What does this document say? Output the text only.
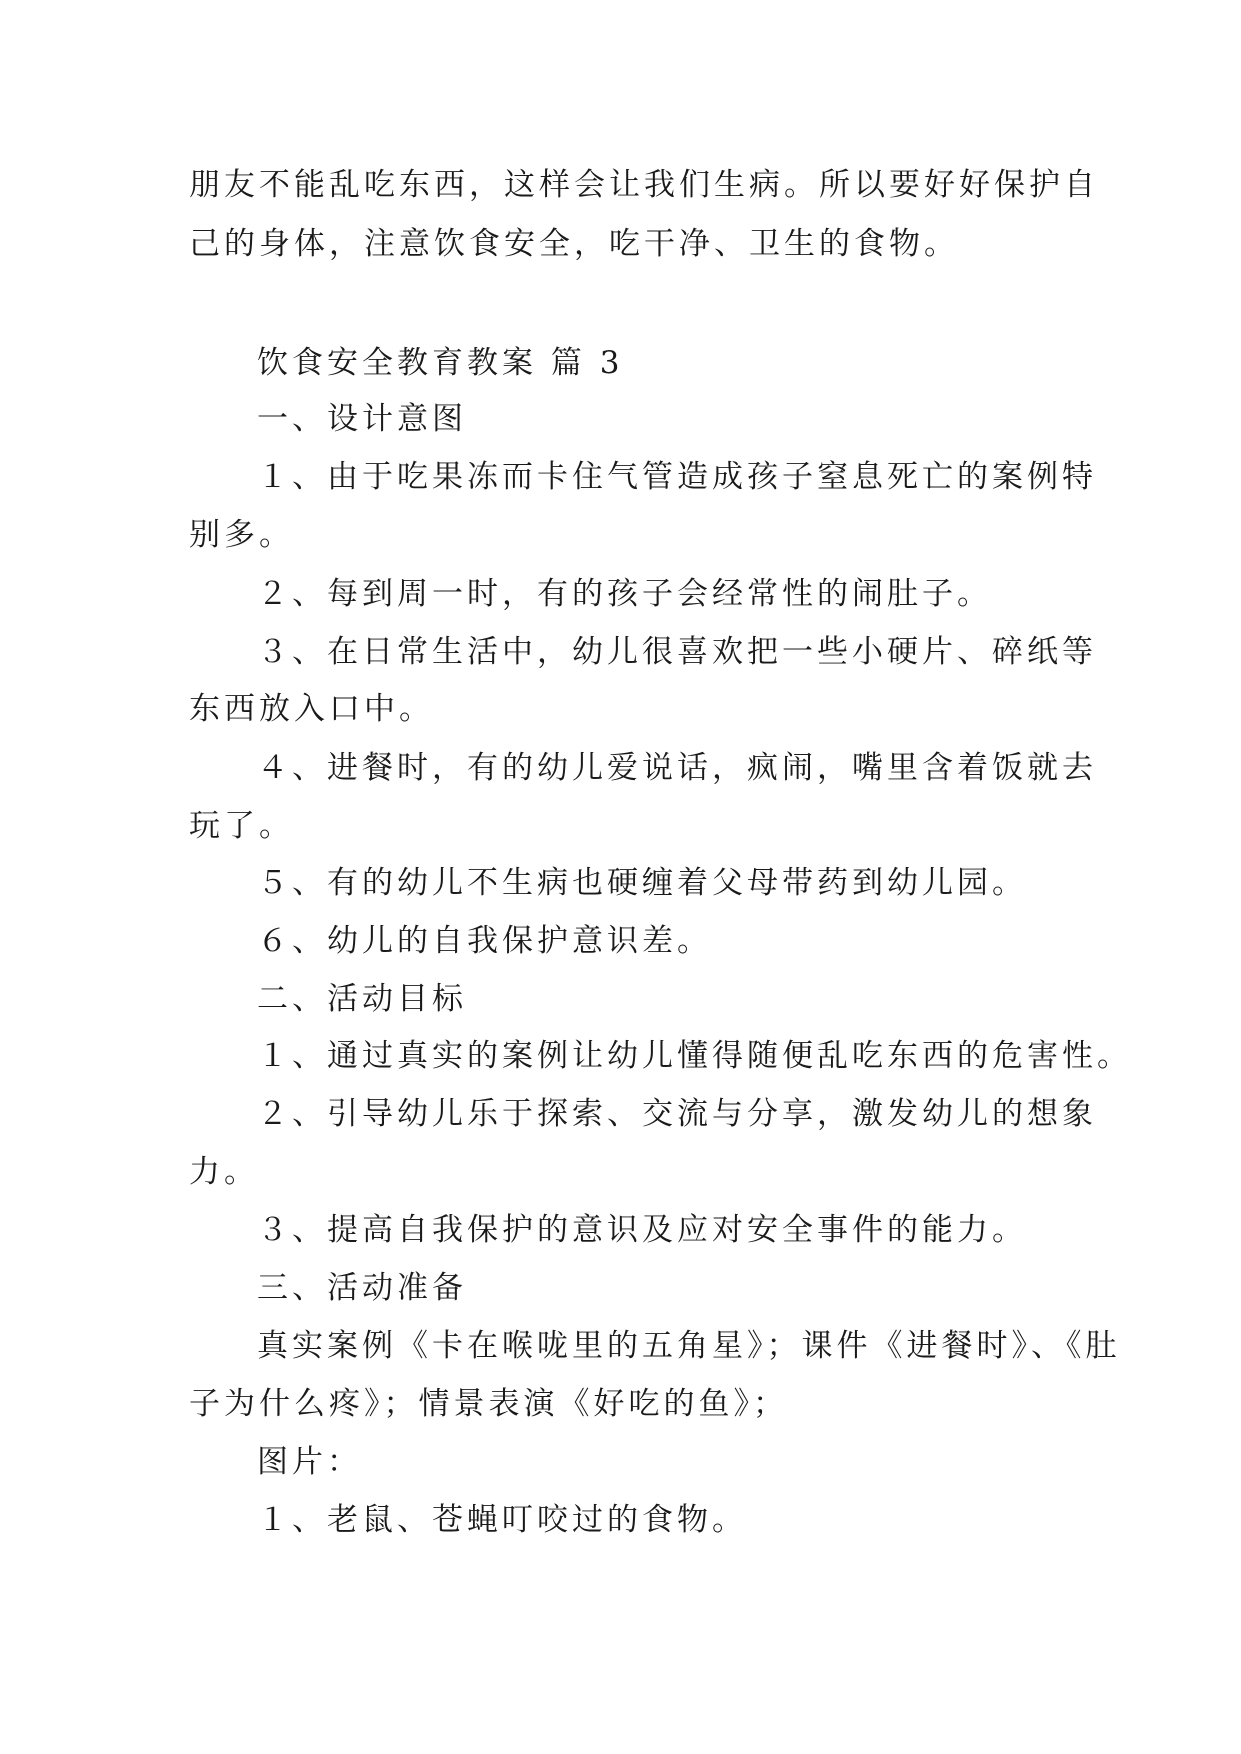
朋友不能乱吃东西，这样会让我们生病。所以要好好保护自
己的身体，注意饮食安全，吃干净、卫生的食物。
饮食安全教育教案 篇 3
一、设计意图
１、由于吃果冻而卡住气管造成孩子窒息死亡的案例特
别多。
２、每到周一时，有的孩子会经常性的闹肚子。
３、在日常生活中，幼儿很喜欢把一些小硬片、碎纸等
东西放入口中。
４、进餐时，有的幼儿爱说话，疯闹，嘴里含着饭就去
玩了。
５、有的幼儿不生病也硬缠着父母带药到幼儿园。
６、幼儿的自我保护意识差。
二、活动目标
１、通过真实的案例让幼儿懂得随便乱吃东西的危害性。
２、引导幼儿乐于探索、交流与分享，激发幼儿的想象
力。
３、提高自我保护的意识及应对安全事件的能力。
三、活动准备
真实案例《卡在喉咙里的五角星》；课件《进餐时》、《肚
子为什么疼》；情景表演《好吃的鱼》；
图片：
１、老鼠、苍蝇叮咬过的食物。
